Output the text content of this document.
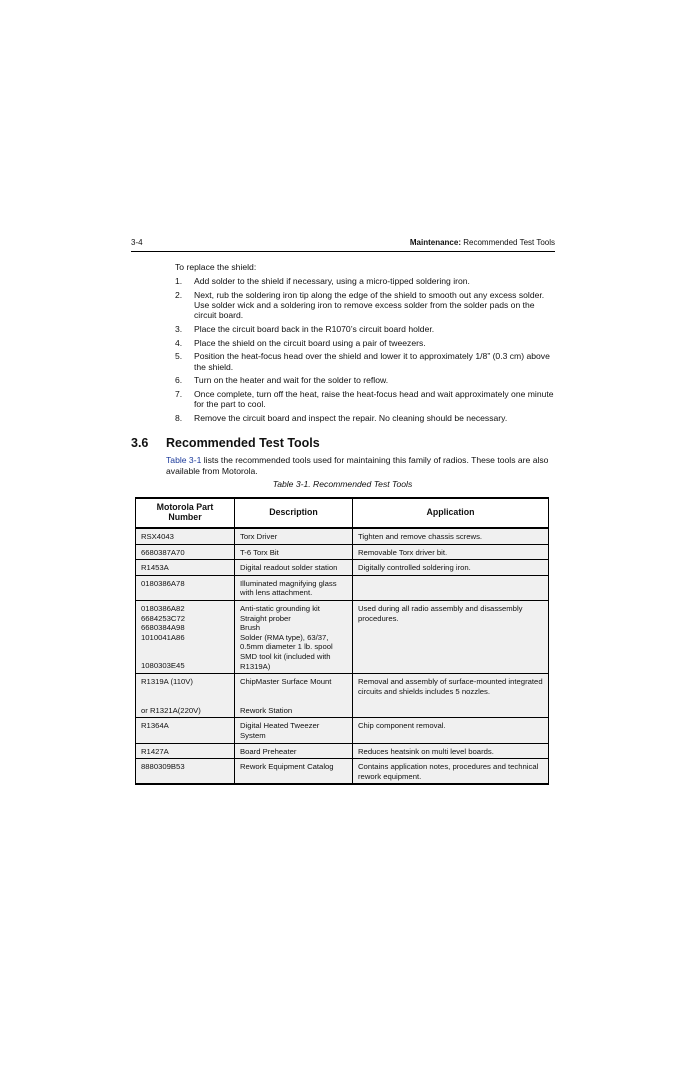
3-4	Maintenance: Recommended Test Tools
To replace the shield:
1.	Add solder to the shield if necessary, using a micro-tipped soldering iron.
2.	Next, rub the soldering iron tip along the edge of the shield to smooth out any excess solder. Use solder wick and a soldering iron to remove excess solder from the solder pads on the circuit board.
3.	Place the circuit board back in the R1070’s circuit board holder.
4.	Place the shield on the circuit board using a pair of tweezers.
5.	Position the heat-focus head over the shield and lower it to approximately 1/8” (0.3 cm) above the shield.
6.	Turn on the heater and wait for the solder to reflow.
7.	Once complete, turn off the heat, raise the heat-focus head and wait approximately one minute for the part to cool.
8.	Remove the circuit board and inspect the repair. No cleaning should be necessary.
3.6 Recommended Test Tools
Table 3-1 lists the recommended tools used for maintaining this family of radios. These tools are also available from Motorola.
Table 3-1. Recommended Test Tools
Motorola Part Number	Description	Application
RSX4043	Torx Driver	Tighten and remove chassis screws.
6680387A70	T-6 Torx Bit	Removable Torx driver bit.
R1453A	Digital readout solder station	Digitally controlled soldering iron.
0180386A78	Illuminated magnifying glass with lens attachment.	

0180386A82
6684253C72
6680384A98
1010041A86
1080303E45	Anti-static grounding kit
Straight prober
Brush
Solder (RMA type), 63/37, 0.5mm diameter 1 lb. spool
SMD tool kit (included with R1319A)	Used during all radio assembly and disassembly procedures.

R1319A (110V)
or R1321A(220V)	ChipMaster Surface Mount
Rework Station	Removal and assembly of surface-mounted integrated circuits and shields includes 5 nozzles.
R1364A	Digital Heated Tweezer System	Chip component removal.
R1427A	Board Preheater	Reduces heatsink on multi level boards.
8880309B53	Rework Equipment Catalog	Contains application notes, procedures and technical rework equipment.
